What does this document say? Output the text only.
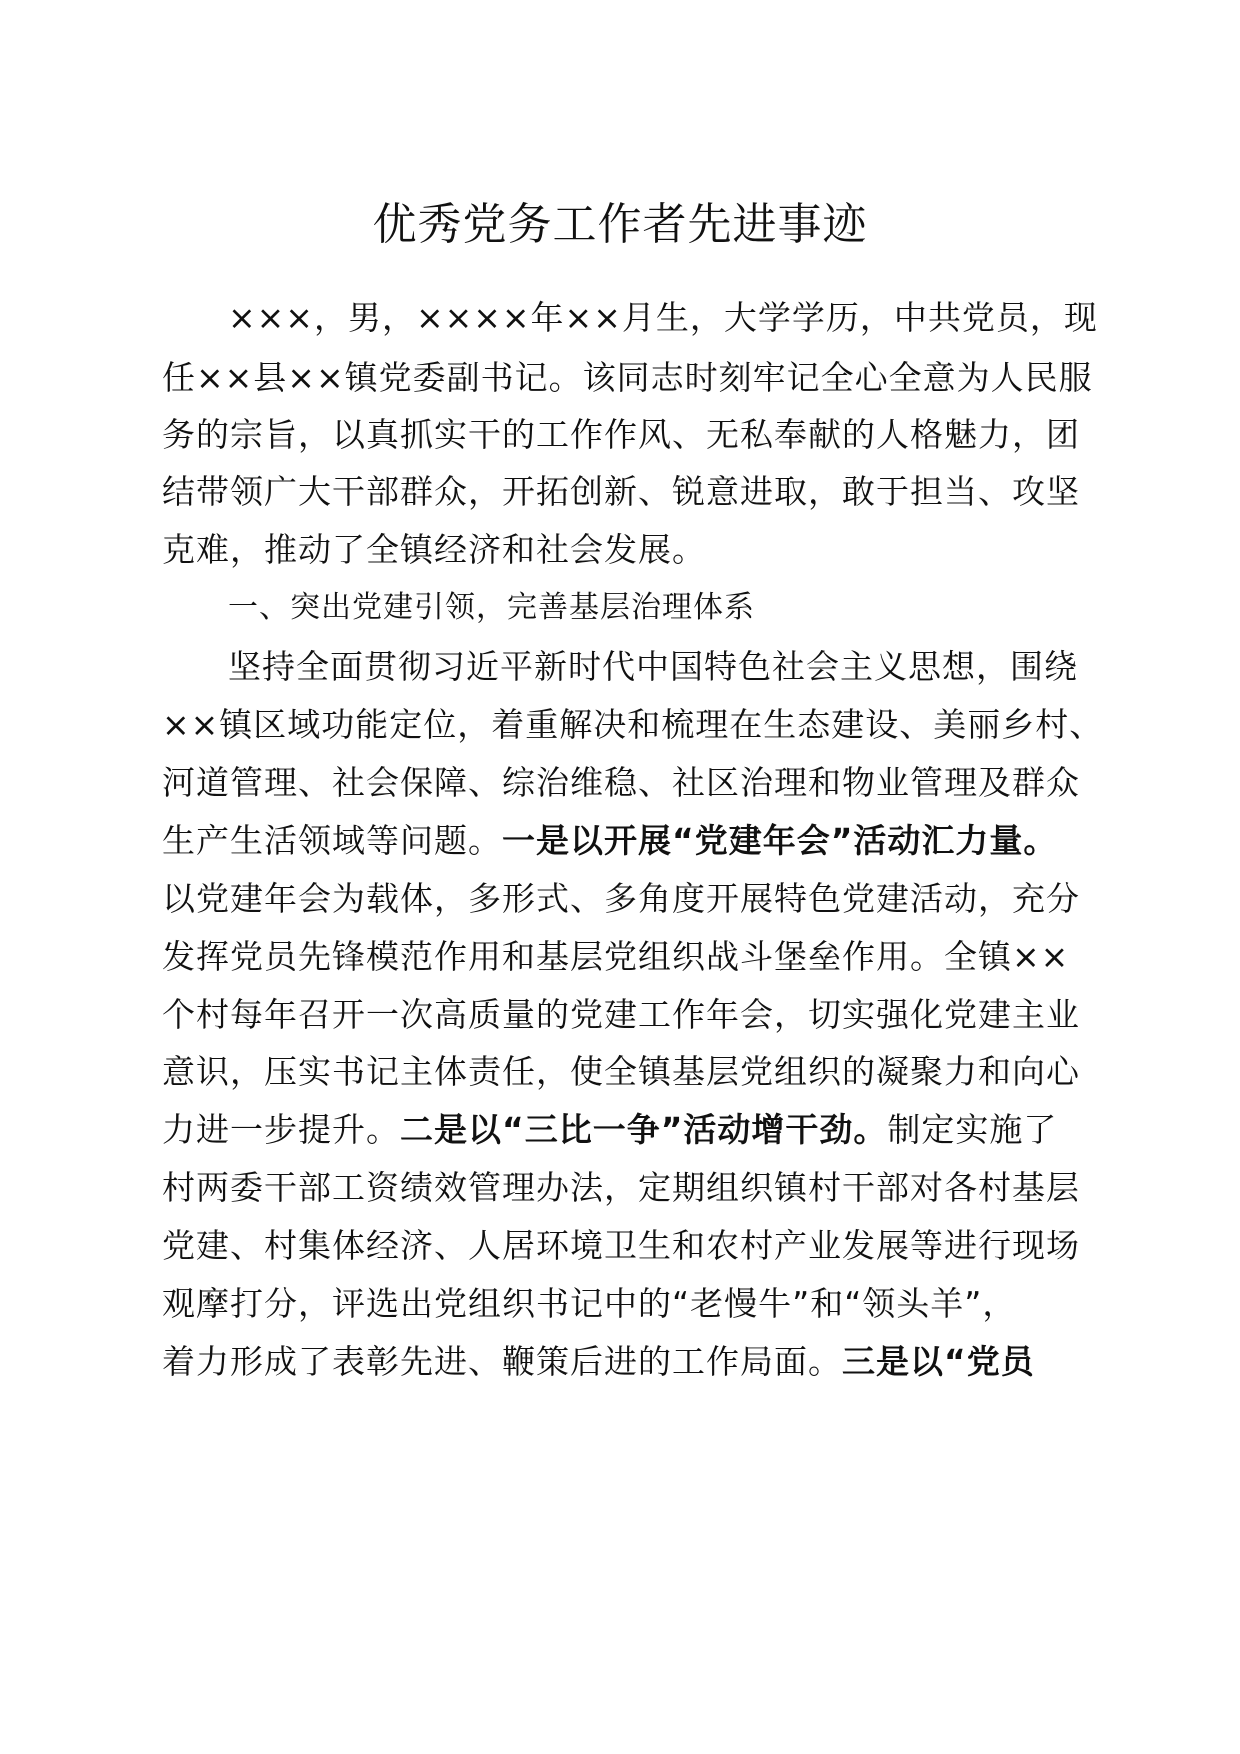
优秀党务工作者先进事迹
×××，男，××××年××月生，大学学历，中共党员，现
任××县××镇党委副书记。该同志时刻牢记全心全意为人民服
务的宗旨，以真抓实干的工作作风、无私奉献的人格魅力，团
结带领广大干部群众，开拓创新、锐意进取，敢于担当、攻坚
克难，推动了全镇经济和社会发展。
一、突出党建引领，完善基层治理体系
坚持全面贯彻习近平新时代中国特色社会主义思想，围绕
××镇区域功能定位，着重解决和梳理在生态建设、美丽乡村、
河道管理、社会保障、综治维稳、社区治理和物业管理及群众
生产生活领域等问题。一是以开展“党建年会”活动汇力量。
以党建年会为载体，多形式、多角度开展特色党建活动，充分
发挥党员先锋模范作用和基层党组织战斗堡垒作用。全镇××
个村每年召开一次高质量的党建工作年会，切实强化党建主业
意识，压实书记主体责任，使全镇基层党组织的凝聚力和向心
力进一步提升。二是以“三比一争”活动增干劲。制定实施了
村两委干部工资绩效管理办法，定期组织镇村干部对各村基层
党建、村集体经济、人居环境卫生和农村产业发展等进行现场
观摩打分，评选出党组织书记中的“老慢牛”和“领头羊”，
着力形成了表彰先进、鞭策后进的工作局面。三是以“党员
